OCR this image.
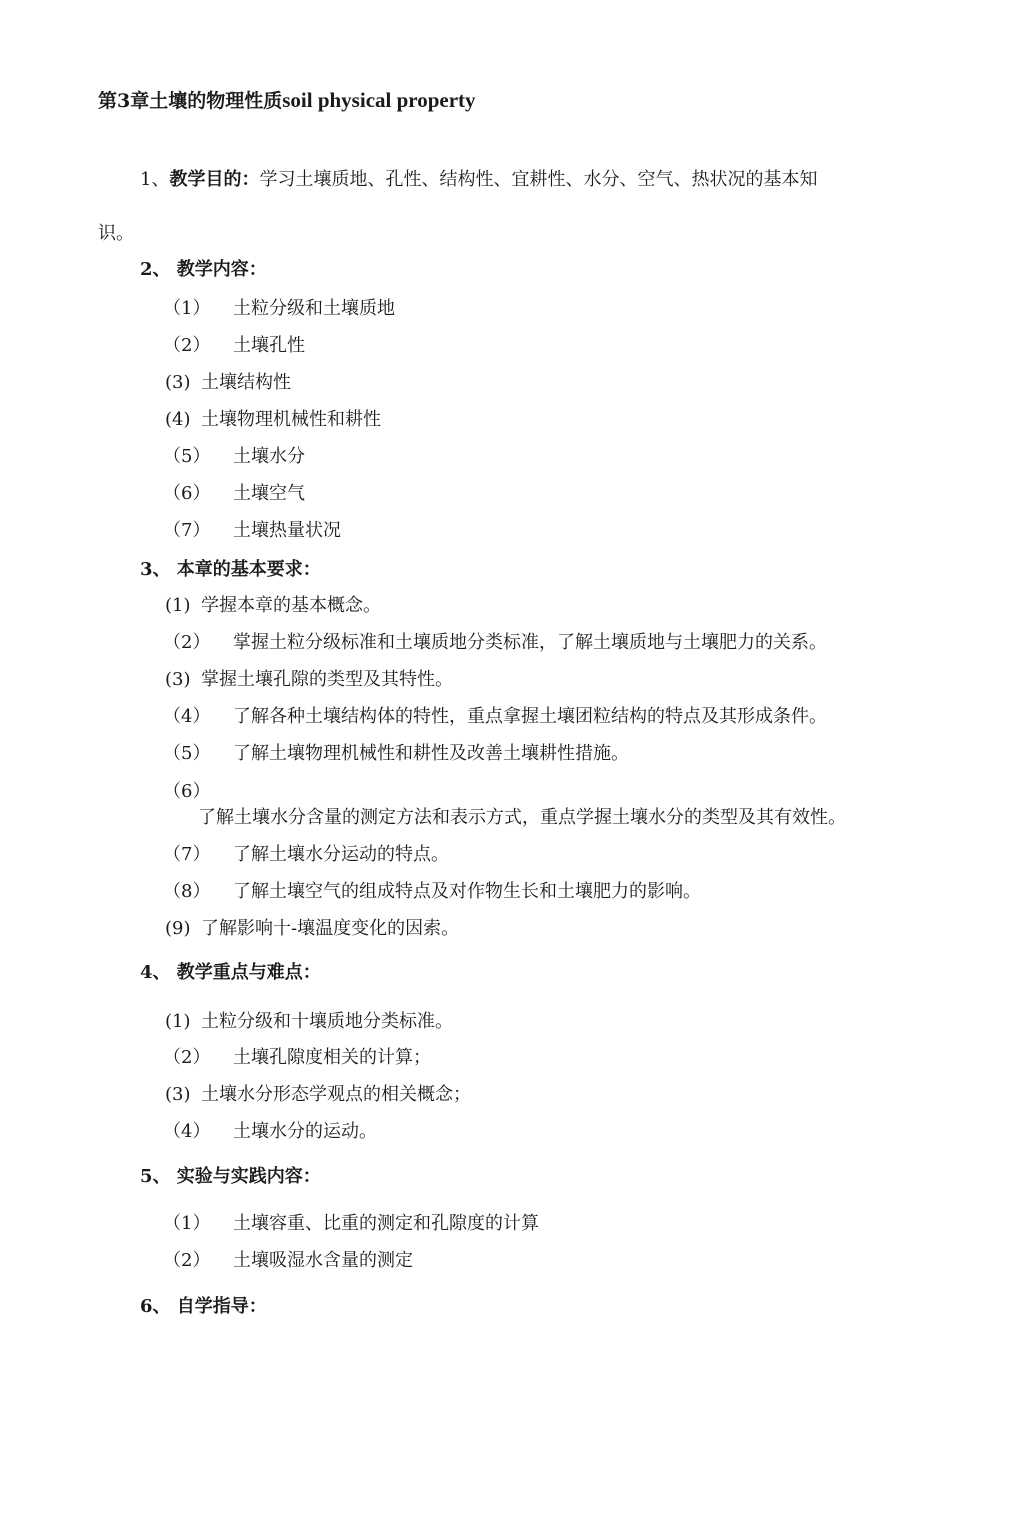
第3章土壤的物理性质soil physical property
1、教学目的：学习土壤质地、孔性、结构性、宜耕性、水分、空气、热状况的基本知
识。
2、 教学内容：
（1） 土粒分级和土壤质地
（2） 土壤孔性
(3) 土壤结构性
(4) 土壤物理机械性和耕性
（5） 土壤水分
（6） 土壤空气
（7） 土壤热量状况
3、 本章的基本要求：
(1) 学握本章的基本概念。
（2） 掌握土粒分级标准和土壤质地分类标准，了解土壤质地与土壤肥力的关系。
(3) 掌握土壤孔隙的类型及其特性。
（4） 了解各种土壤结构体的特性，重点拿握土壤团粒结构的特点及其形成条件。
（5） 了解土壤物理机械性和耕性及改善土壤耕性措施。
（6）
了解土壤水分含量的测定方法和表示方式，重点学握土壤水分的类型及其有效性。
（7） 了解土壤水分运动的特点。
（8） 了解土壤空气的组成特点及对作物生长和土壤肥力的影响。
(9) 了解影响十-壤温度变化的因索。
4、 教学重点与难点：
(1) 土粒分级和十壤质地分类标准。
（2） 土壤孔隙度相关的计算；
(3) 土壤水分形态学观点的相关概念；
（4） 土壤水分的运动。
5、 实验与实践内容：
（1） 土壤容重、比重的测定和孔隙度的计算
（2） 土壤吸湿水含量的测定
6、 自学指导：
